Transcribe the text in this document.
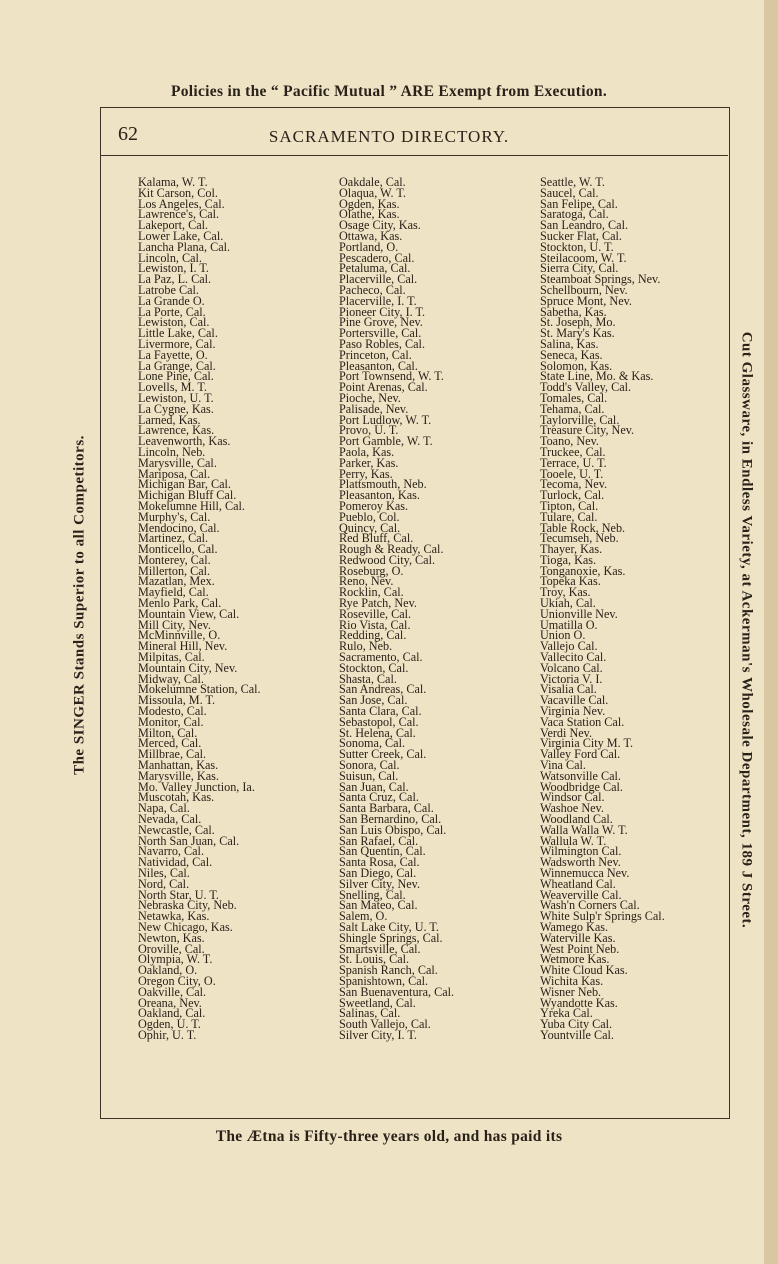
Policies in the “ Pacific Mutual ” ARE Exempt from Execution.
62	SACRAMENTO DIRECTORY.
Kalama, W. T.
Kit Carson, Col.
Los Angeles, Cal.
Lawrence's, Cal.
Lakeport, Cal.
Lower Lake, Cal.
Lancha Plana, Cal.
Lincoln, Cal.
Lewiston, I. T.
La Paz, L. Cal.
Latrobe Cal.
La Grande O.
La Porte, Cal.
Lewiston, Cal.
Little Lake, Cal.
Livermore, Cal.
La Fayette, O.
La Grange, Cal.
Lone Pine, Cal.
Lovells, M. T.
Lewiston, U. T.
La Cygne, Kas.
Larned, Kas.
Lawrence, Kas.
Leavenworth, Kas.
Lincoln, Neb.
Marysville, Cal.
Mariposa, Cal.
Michigan Bar, Cal.
Michigan Bluff Cal.
Mokelumne Hill, Cal.
Murphy's, Cal.
Mendocino, Cal.
Martinez, Cal.
Monticello, Cal.
Monterey, Cal.
Millerton, Cal.
Mazatlan, Mex.
Mayfield, Cal.
Menlo Park, Cal.
Mountain View, Cal.
Mill City, Nev.
McMinnville, O.
Mineral Hill, Nev.
Milpitas, Cal.
Mountain City, Nev.
Midway, Cal.
Mokelumne Station, Cal.
Missoula, M. T.
Modesto, Cal.
Monitor, Cal.
Milton, Cal.
Merced, Cal.
Millbrae, Cal.
Manhattan, Kas.
Marysville, Kas.
Mo. Valley Junction, Ia.
Muscotah, Kas.
Napa, Cal.
Nevada, Cal.
Newcastle, Cal.
North San Juan, Cal.
Navarro, Cal.
Natividad, Cal.
Niles, Cal.
Nord, Cal.
North Star, U. T.
Nebraska City, Neb.
Netawka, Kas.
New Chicago, Kas.
Newton, Kas.
Oroville, Cal.
Olympia, W. T.
Oakland, O.
Oregon City, O.
Oakville, Cal.
Oreana, Nev.
Oakland, Cal.
Ogden, U. T.
Ophir, U. T.
Oakdale, Cal.
Olaqua, W. T.
Ogden, Kas.
Olathe, Kas.
Osage City, Kas.
Ottawa, Kas.
Portland, O.
Pescadero, Cal.
Petaluma, Cal.
Placerville, Cal.
Pacheco, Cal.
Placerville, I. T.
Pioneer City, I. T.
Pine Grove, Nev.
Portersville, Cal.
Paso Robles, Cal.
Princeton, Cal.
Pleasanton, Cal.
Port Townsend, W. T.
Point Arenas, Cal.
Pioche, Nev.
Palisade, Nev.
Port Ludlow, W. T.
Provo, U. T.
Port Gamble, W. T.
Paola, Kas.
Parker, Kas.
Perry, Kas.
Plattsmouth, Neb.
Pleasanton, Kas.
Pomeroy Kas.
Pueblo, Col.
Quincy, Cal.
Red Bluff, Cal.
Rough & Ready, Cal.
Redwood City, Cal.
Roseburg, O.
Reno, Nev.
Rocklin, Cal.
Rye Patch, Nev.
Roseville, Cal.
Rio Vista, Cal.
Redding, Cal.
Rulo, Neb.
Sacramento, Cal.
Stockton, Cal.
Shasta, Cal.
San Andreas, Cal.
San Jose, Cal.
Santa Clara, Cal.
Sebastopol, Cal.
St. Helena, Cal.
Sonoma, Cal.
Sutter Creek, Cal.
Sonora, Cal.
Suisun, Cal.
San Juan, Cal.
Santa Cruz, Cal.
Santa Barbara, Cal.
San Bernardino, Cal.
San Luis Obispo, Cal.
San Rafael, Cal.
San Quentin, Cal.
Santa Rosa, Cal.
San Diego, Cal.
Silver City, Nev.
Snelling, Cal.
San Mateo, Cal.
Salem, O.
Salt Lake City, U. T.
Shingle Springs, Cal.
Smartsville, Cal.
St. Louis, Cal.
Spanish Ranch, Cal.
Spanishtown, Cal.
San Buenaventura, Cal.
Sweetland, Cal.
Salinas, Cal.
South Vallejo, Cal.
Silver City, I. T.
Seattle, W. T.
Saucel, Cal.
San Felipe, Cal.
Saratoga, Cal.
San Leandro, Cal.
Sucker Flat, Cal.
Stockton, U. T.
Steilacoom, W. T.
Sierra City, Cal.
Steamboat Springs, Nev.
Schellbourn, Nev.
Spruce Mont, Nev.
Sabetha, Kas.
St. Joseph, Mo.
St. Mary's Kas.
Salina, Kas.
Seneca, Kas.
Solomon, Kas.
State Line, Mo. & Kas.
Todd's Valley, Cal.
Tomales, Cal.
Tehama, Cal.
Taylorville, Cal.
Treasure City, Nev.
Toano, Nev.
Truckee, Cal.
Terrace, U. T.
Tooele, U. T.
Tecoma, Nev.
Turlock, Cal.
Tipton, Cal.
Tulare, Cal.
Table Rock, Neb.
Tecumseh, Neb.
Thayer, Kas.
Tioga, Kas.
Tonganoxie, Kas.
Topeka Kas.
Troy, Kas.
Ukiah, Cal.
Unionville Nev.
Umatilla O.
Union O.
Vallejo Cal.
Vallecito Cal.
Volcano Cal.
Victoria V. I.
Visalia Cal.
Vacaville Cal.
Virginia Nev.
Vaca Station Cal.
Verdi Nev.
Virginia City M. T.
Valley Ford Cal.
Vina Cal.
Watsonville Cal.
Woodbridge Cal.
Windsor Cal.
Washoe Nev.
Woodland Cal.
Walla Walla W. T.
Wallula W. T.
Wilmington Cal.
Wadsworth Nev.
Winnemucca Nev.
Wheatland Cal.
Weaverville Cal.
Wash'n Corners Cal.
White Sulp'r Springs Cal.
Wamego Kas.
Waterville Kas.
West Point Neb.
Wetmore Kas.
White Cloud Kas.
Wichita Kas.
Wisner Neb.
Wyandotte Kas.
Yreka Cal.
Yuba City Cal.
Yountville Cal.
The SINGER Stands Superior to all Competitors.	Cut Glassware, in Endless Variety, at Ackerman's Wholesale Department, 189 J Street.
The Ætna is Fifty-three years old, and has paid its
